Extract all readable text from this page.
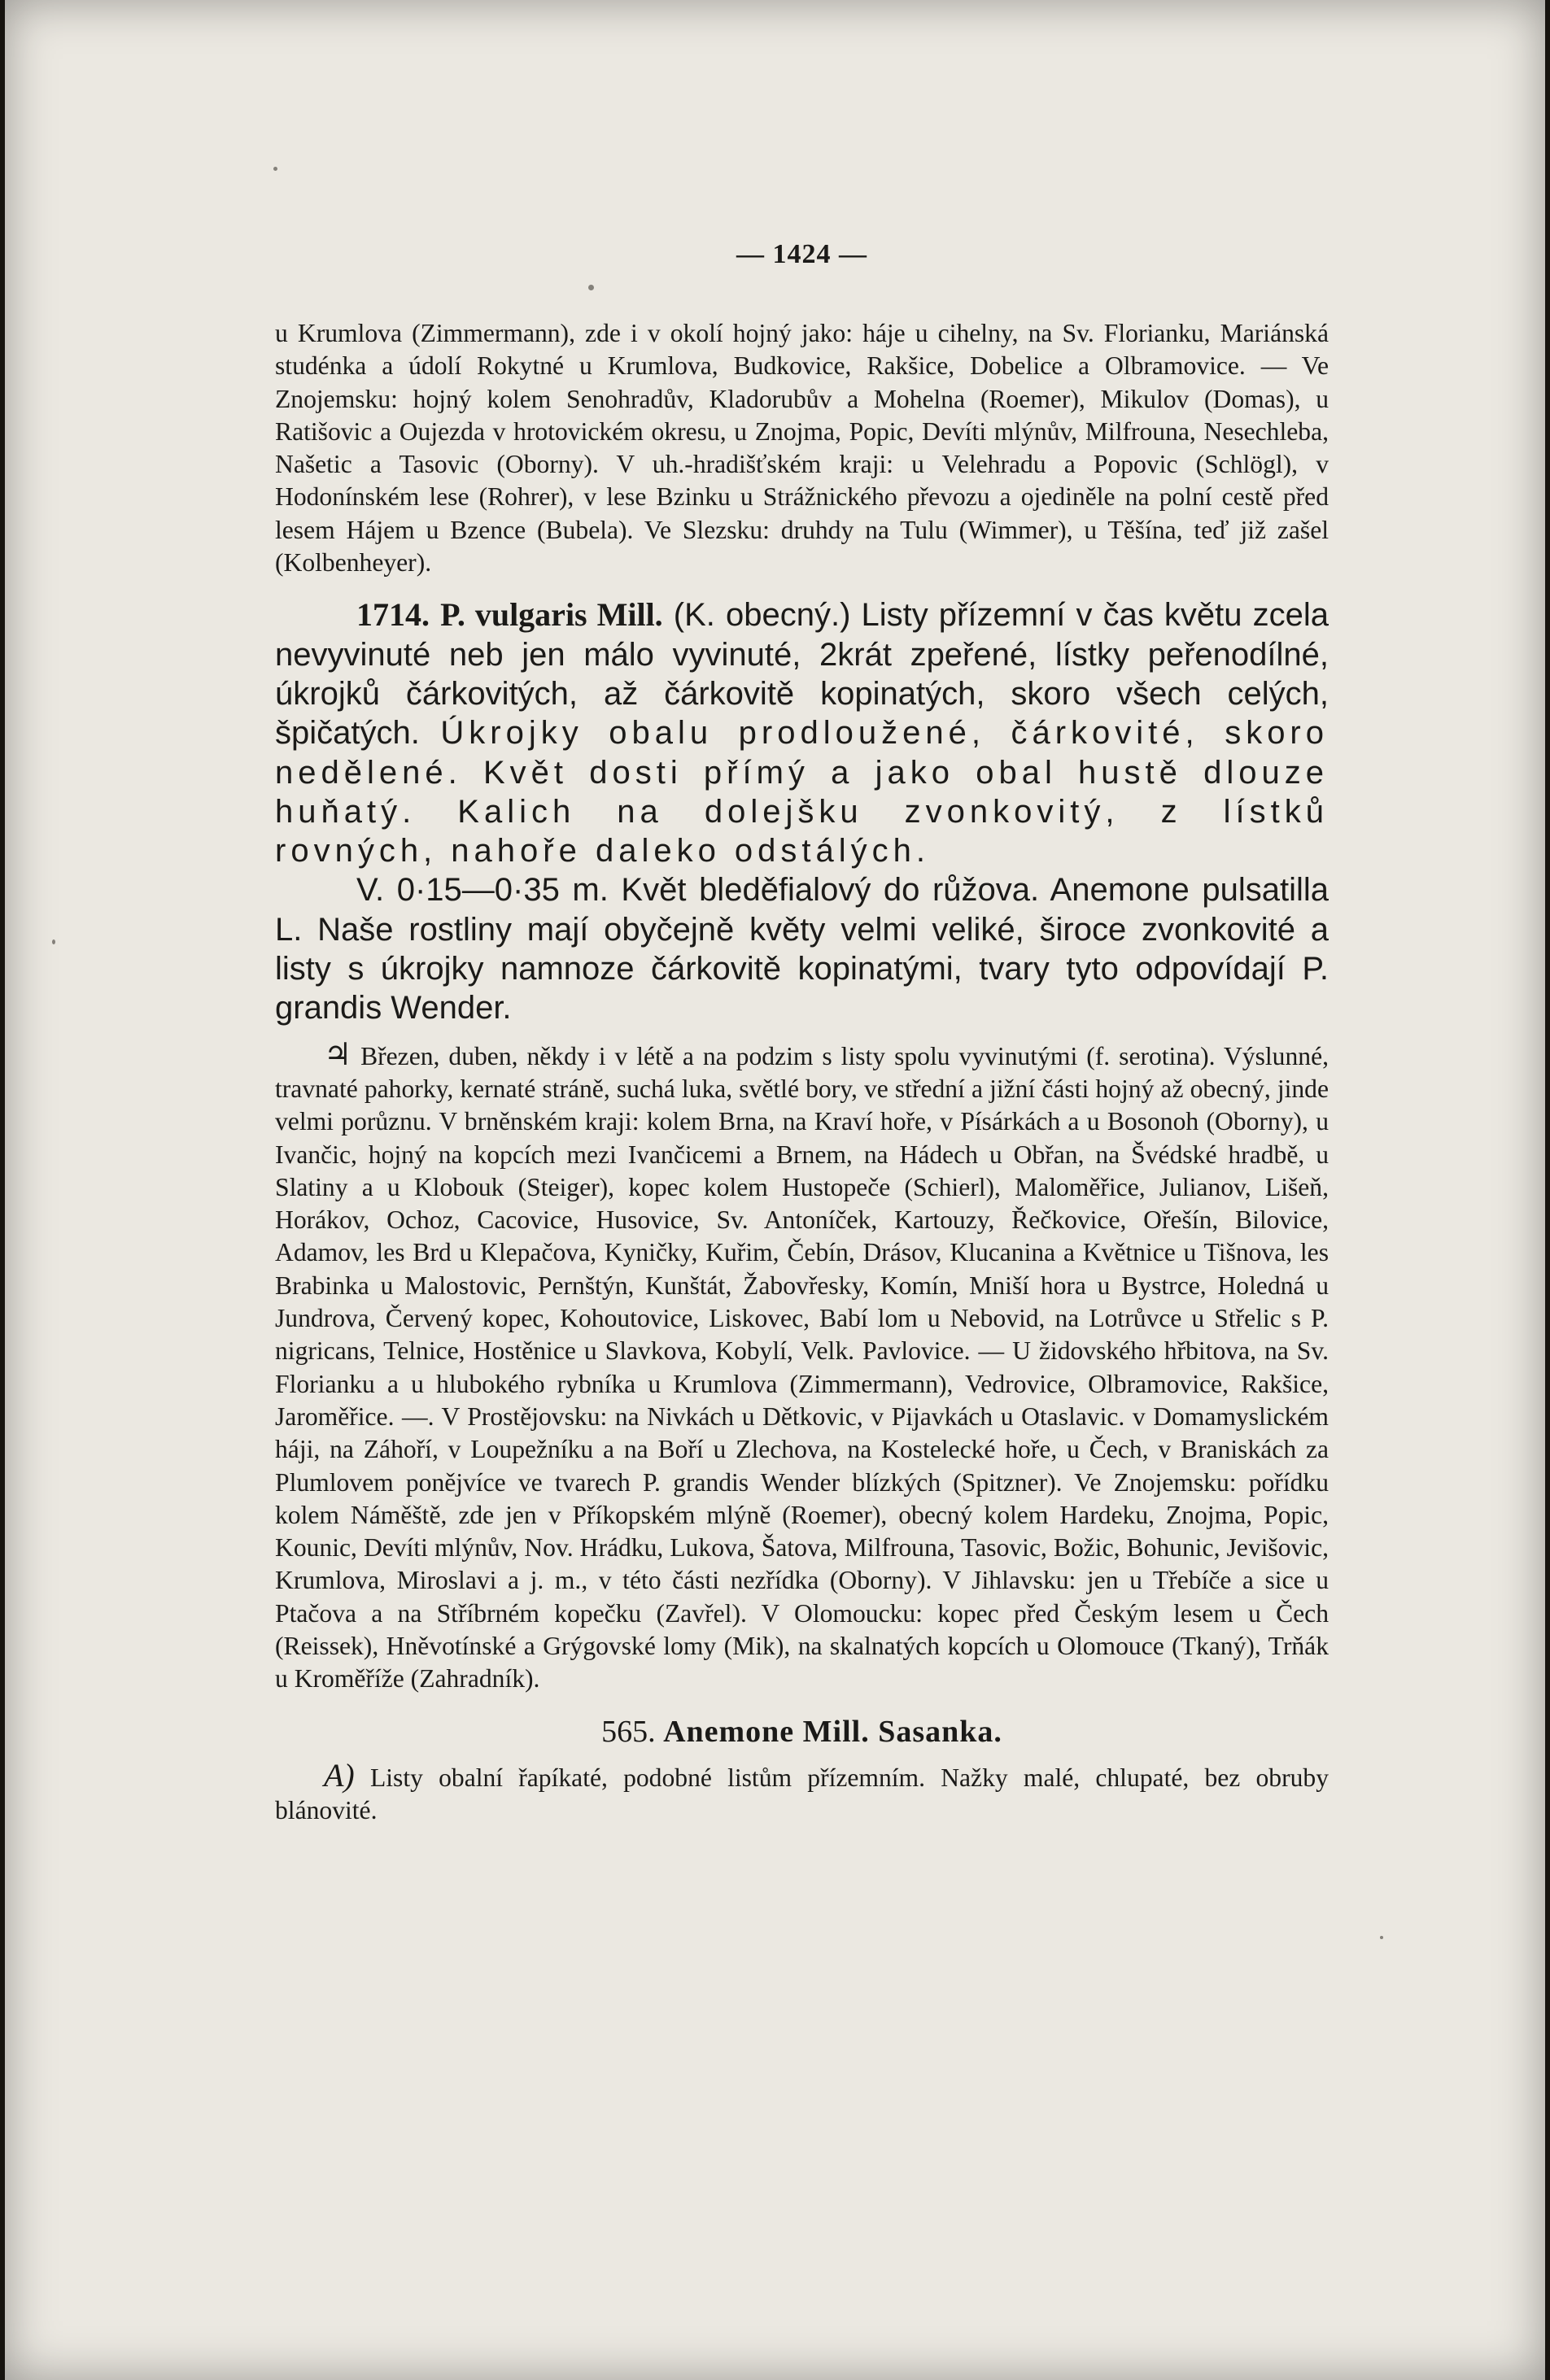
— 1424 —

u Krumlova (Zimmermann), zde i v okolí hojný jako: háje u cihelny, na Sv. Florianku, Mariánská studénka a údolí Rokytné u Krumlova, Budkovice, Rakšice, Dobelice a Olbramovice. — Ve Znojemsku: hojný kolem Senohradův, Kladorubův a Mohelna (Roemer), Mikulov (Domas), u Ratišovic a Oujezda v hrotovickém okresu, u Znojma, Popic, Devíti mlýnův, Milfrouna, Nesechleba, Našetic a Tasovic (Oborny). V uh.-hradišťském kraji: u Velehradu a Popovic (Schlögl), v Hodonínském lese (Rohrer), v lese Bzinku u Strážnického převozu a ojediněle na polní cestě před lesem Hájem u Bzence (Bubela). Ve Slezsku: druhdy na Tulu (Wimmer), u Těšína, teď již zašel (Kolbenheyer).

1714. P. vulgaris Mill. (K. obecný.) Listy přízemní v čas květu zcela nevyvinuté neb jen málo vyvinuté, 2krát zpeřené, lístky peřenodílné, úkrojků čárkovitých, až čárkovitě kopinatých, skoro všech celých, špičatých. Úkrojky obalu prodloužené, čárkovité, skoro nedělené. Květ dosti přímý a jako obal hustě dlouze huňatý. Kalich na dolejšku zvonkovitý, z lístků rovných, nahoře daleko odstálých.

V. 0·15—0·35 m. Květ bleděfialový do růžova. Anemone pulsatilla L. Naše rostliny mají obyčejně květy velmi veliké, široce zvonkovité a listy s úkrojky namnoze čárkovitě kopinatými, tvary tyto odpovídají P. grandis Wender.

♃ Březen, duben, někdy i v létě a na podzim s listy spolu vyvinutými (f. serotina). Výslunné, travnaté pahorky, kernaté stráně, suchá luka, světlé bory, ve střední a jižní části hojný až obecný, jinde velmi porůznu. V brněnském kraji: kolem Brna, na Kraví hoře, v Písárkách a u Bosonoh (Oborny), u Ivančic, hojný na kopcích mezi Ivančicemi a Brnem, na Hádech u Obřan, na Švédské hradbě, u Slatiny a u Klobouk (Steiger), kopec kolem Hustopeče (Schierl), Maloměřice, Julianov, Lišeň, Horákov, Ochoz, Cacovice, Husovice, Sv. Antoníček, Kartouzy, Řečkovice, Ořešín, Bilovice, Adamov, les Brd u Klepačova, Kyničky, Kuřim, Čebín, Drásov, Klucanina a Květnice u Tišnova, les Brabinka u Malostovic, Pernštýn, Kunštát, Žabovřesky, Komín, Mniší hora u Bystrce, Holedná u Jundrova, Červený kopec, Kohoutovice, Liskovec, Babí lom u Nebovid, na Lotrůvce u Střelic s P. nigricans, Telnice, Hostěnice u Slavkova, Kobylí, Velk. Pavlovice. — U židovského hřbitova, na Sv. Florianku a u hlubokého rybníka u Krumlova (Zimmermann), Vedrovice, Olbramovice, Rakšice, Jaroměřice. —. V Prostějovsku: na Nivkách u Dětkovic, v Pijavkách u Otaslavic. v Domamyslickém háji, na Záhoří, v Loupežníku a na Boří u Zlechova, na Kostelecké hoře, u Čech, v Braniskách za Plumlovem ponějvíce ve tvarech P. grandis Wender blízkých (Spitzner). Ve Znojemsku: pořídku kolem Náměště, zde jen v Příkopském mlýně (Roemer), obecný kolem Hardeku, Znojma, Popic, Kounic, Devíti mlýnův, Nov. Hrádku, Lukova, Šatova, Milfrouna, Tasovic, Božic, Bohunic, Jevišovic, Krumlova, Miroslavi a j. m., v této části nezřídka (Oborny). V Jihlavsku: jen u Třebíče a sice u Ptačova a na Stříbrném kopečku (Zavřel). V Olomoucku: kopec před Českým lesem u Čech (Reissek), Hněvotínské a Grýgovské lomy (Mik), na skalnatých kopcích u Olomouce (Tkaný), Trňák u Kroměříže (Zahradník).

565. Anemone Mill. Sasanka.

A) Listy obalní řapíkaté, podobné listům přízemním. Nažky malé, chlupaté, bez obruby blánovité.
